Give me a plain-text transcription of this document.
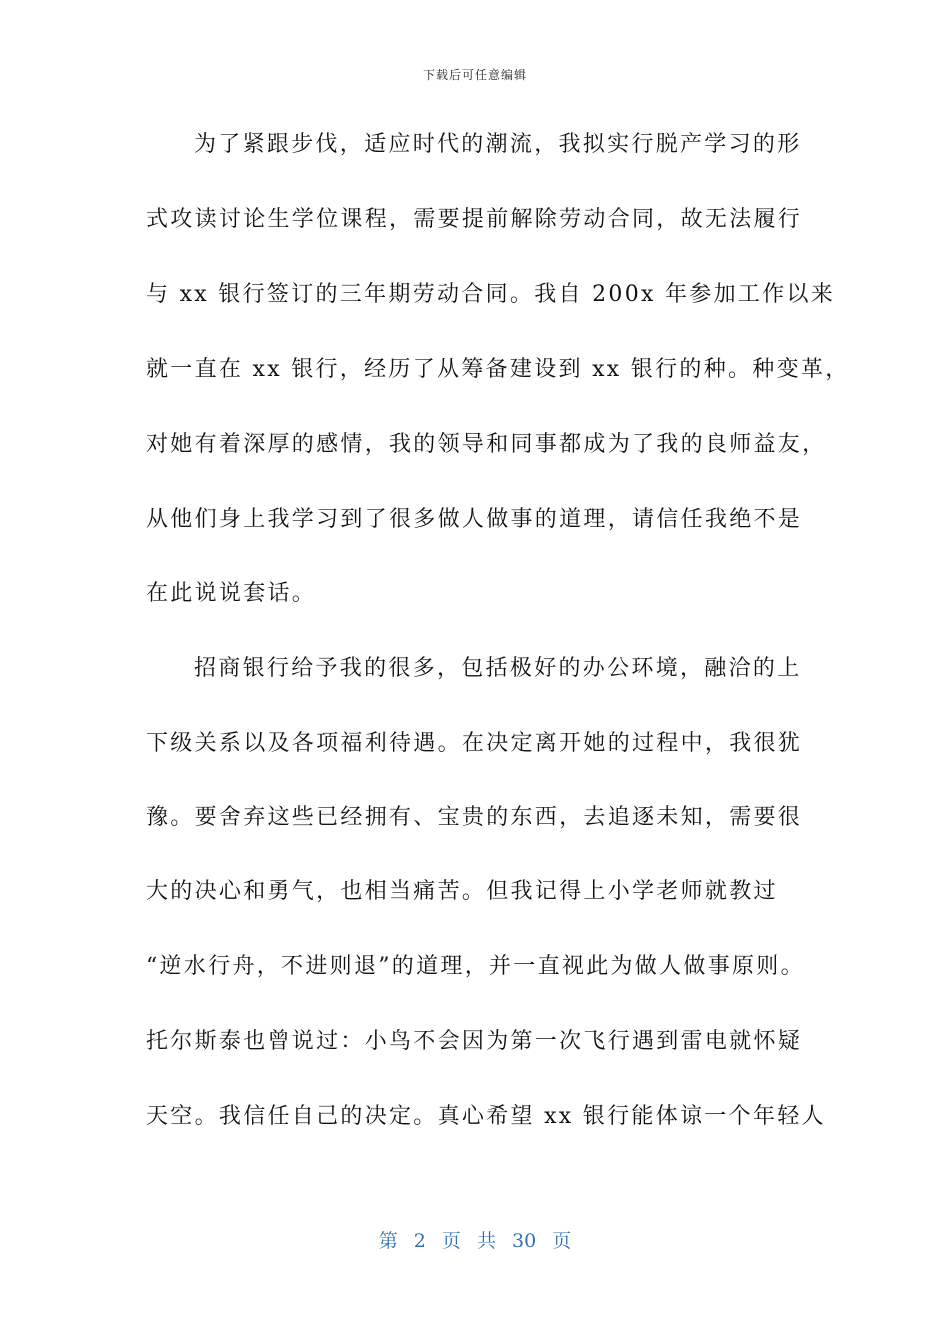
下载后可任意编辑
为了紧跟步伐，适应时代的潮流，我拟实行脱产学习的形
式攻读讨论生学位课程，需要提前解除劳动合同，故无法履行
与 xx 银行签订的三年期劳动合同。我自 200x 年参加工作以来
就一直在 xx 银行，经历了从筹备建设到 xx 银行的种。种变革，
对她有着深厚的感情，我的领导和同事都成为了我的良师益友，
从他们身上我学习到了很多做人做事的道理，请信任我绝不是
在此说说套话。
招商银行给予我的很多，包括极好的办公环境，融洽的上
下级关系以及各项福利待遇。在决定离开她的过程中，我很犹
豫。要舍弃这些已经拥有、宝贵的东西，去追逐未知，需要很
大的决心和勇气，也相当痛苦。但我记得上小学老师就教过
“逆水行舟，不进则退”的道理，并一直视此为做人做事原则。
托尔斯泰也曾说过：小鸟不会因为第一次飞行遇到雷电就怀疑
天空。我信任自己的决定。真心希望 xx 银行能体谅一个年轻人
第 2 页 共 30 页
